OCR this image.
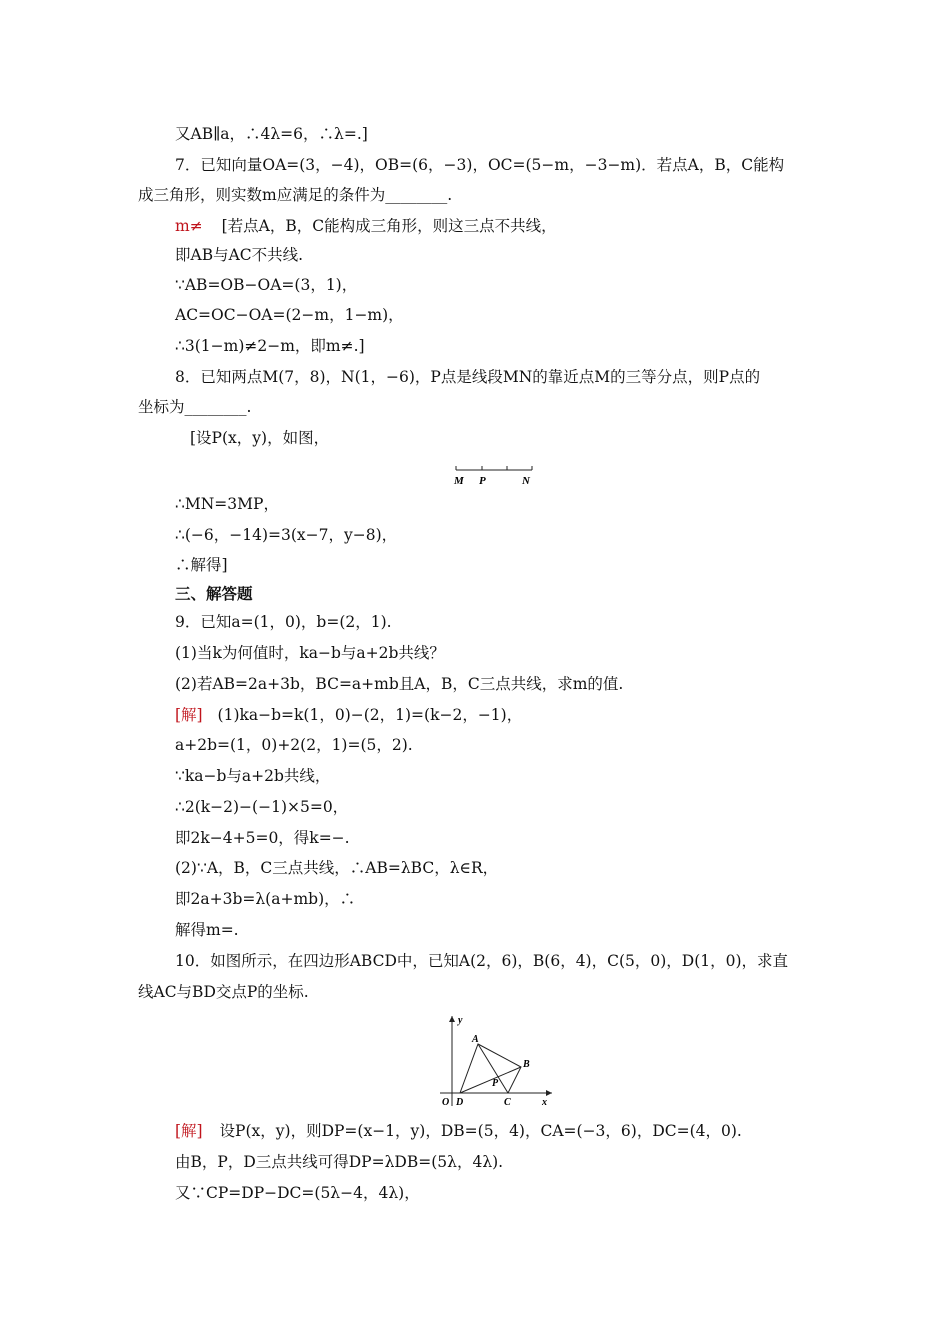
又AB∥a，∴4λ=6，∴λ=.]
7．已知向量OA=(3，−4)，OB=(6，−3)，OC=(5−m，−3−m)．若点A，B，C能构
成三角形，则实数m应满足的条件为________.
m≠ [若点A，B，C能构成三角形，则这三点不共线，
即AB与AC不共线.
∵AB=OB−OA=(3，1)，
AC=OC−OA=(2−m，1−m)，
∴3(1−m)≠2−m，即m≠.]
8．已知两点M(7，8)，N(1，−6)，P点是线段MN的靠近点M的三等分点，则P点的
坐标为________.
[设P(x，y)，如图，
M P	N
∴MN=3MP，
∴(−6，−14)=3(x−7，y−8)，
∴解得]
三、解答题
9．已知a=(1，0)，b=(2，1).
(1)当k为何值时，ka−b与a+2b共线？
(2)若AB=2a+3b，BC=a+mb且A，B，C三点共线，求m的值.
[解] (1)ka−b=k(1，0)−(2，1)=(k−2，−1)，
a+2b=(1，0)+2(2，1)=(5，2).
∵ka−b与a+2b共线，
∴2(k−2)−(−1)×5=0，
即2k−4+5=0，得k=−.
(2)∵A，B，C三点共线，∴AB=λBC，λ∈R，
即2a+3b=λ(a+mb)，∴
解得m=.
10．如图所示，在四边形ABCD中，已知A(2，6)，B(6，4)，C(5，0)，D(1，0)，求直
线AC与BD交点P的坐标.
y
A
B
P
O D	C	x
[解] 设P(x，y)，则DP=(x−1，y)，DB=(5，4)，CA=(−3，6)，DC=(4，0).
由B，P，D三点共线可得DP=λDB=(5λ，4λ).
又∵CP=DP−DC=(5λ−4，4λ)，
